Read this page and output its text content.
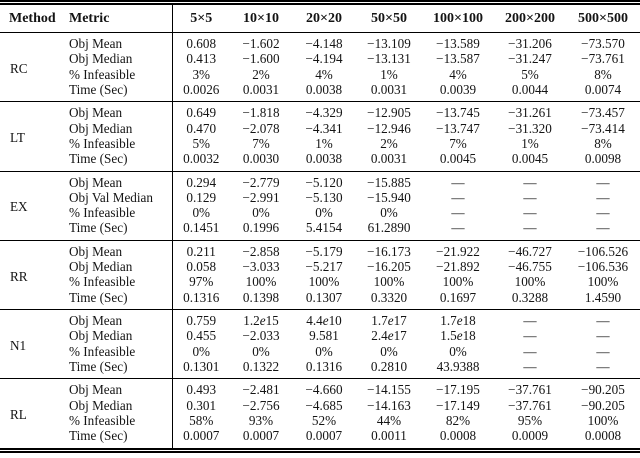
Method	Metric	5×5	10×10	20×20	50×50	100×100	200×200	500×500
RC	Obj Mean	0.608	−1.602	−4.148	−13.109	−13.589	−31.206	−73.570
	Obj Median	0.413	−1.600	−4.194	−13.131	−13.587	−31.247	−73.761
	% Infeasible	3%	2%	4%	1%	4%	5%	8%
	Time (Sec)	0.0026	0.0031	0.0038	0.0031	0.0039	0.0044	0.0074
LT	Obj Mean	0.649	−1.818	−4.329	−12.905	−13.745	−31.261	−73.457
	Obj Median	0.470	−2.078	−4.341	−12.946	−13.747	−31.320	−73.414
	% Infeasible	5%	7%	1%	2%	7%	1%	8%
	Time (Sec)	0.0032	0.0030	0.0038	0.0031	0.0045	0.0045	0.0098
EX	Obj Mean	0.294	−2.779	−5.120	−15.885	—	—	—
	Obj Val Median	0.129	−2.991	−5.130	−15.940	—	—	—
	% Infeasible	0%	0%	0%	0%	—	—	—
	Time (Sec)	0.1451	0.1996	5.4154	61.2890	—	—	—
RR	Obj Mean	0.211	−2.858	−5.179	−16.173	−21.922	−46.727	−106.526
	Obj Median	0.058	−3.033	−5.217	−16.205	−21.892	−46.755	−106.536
	% Infeasible	97%	100%	100%	100%	100%	100%	100%
	Time (Sec)	0.1316	0.1398	0.1307	0.3320	0.1697	0.3288	1.4590
N1	Obj Mean	0.759	1.2e15	4.4e10	1.7e17	1.7e18	—	—
	Obj Median	0.455	−2.033	9.581	2.4e17	1.5e18	—	—
	% Infeasible	0%	0%	0%	0%	0%	—	—
	Time (Sec)	0.1301	0.1322	0.1316	0.2810	43.9388	—	—
RL	Obj Mean	0.493	−2.481	−4.660	−14.155	−17.195	−37.761	−90.205
	Obj Median	0.301	−2.756	−4.685	−14.163	−17.149	−37.761	−90.205
	% Infeasible	58%	93%	52%	44%	82%	95%	100%
	Time (Sec)	0.0007	0.0007	0.0007	0.0011	0.0008	0.0009	0.0008
